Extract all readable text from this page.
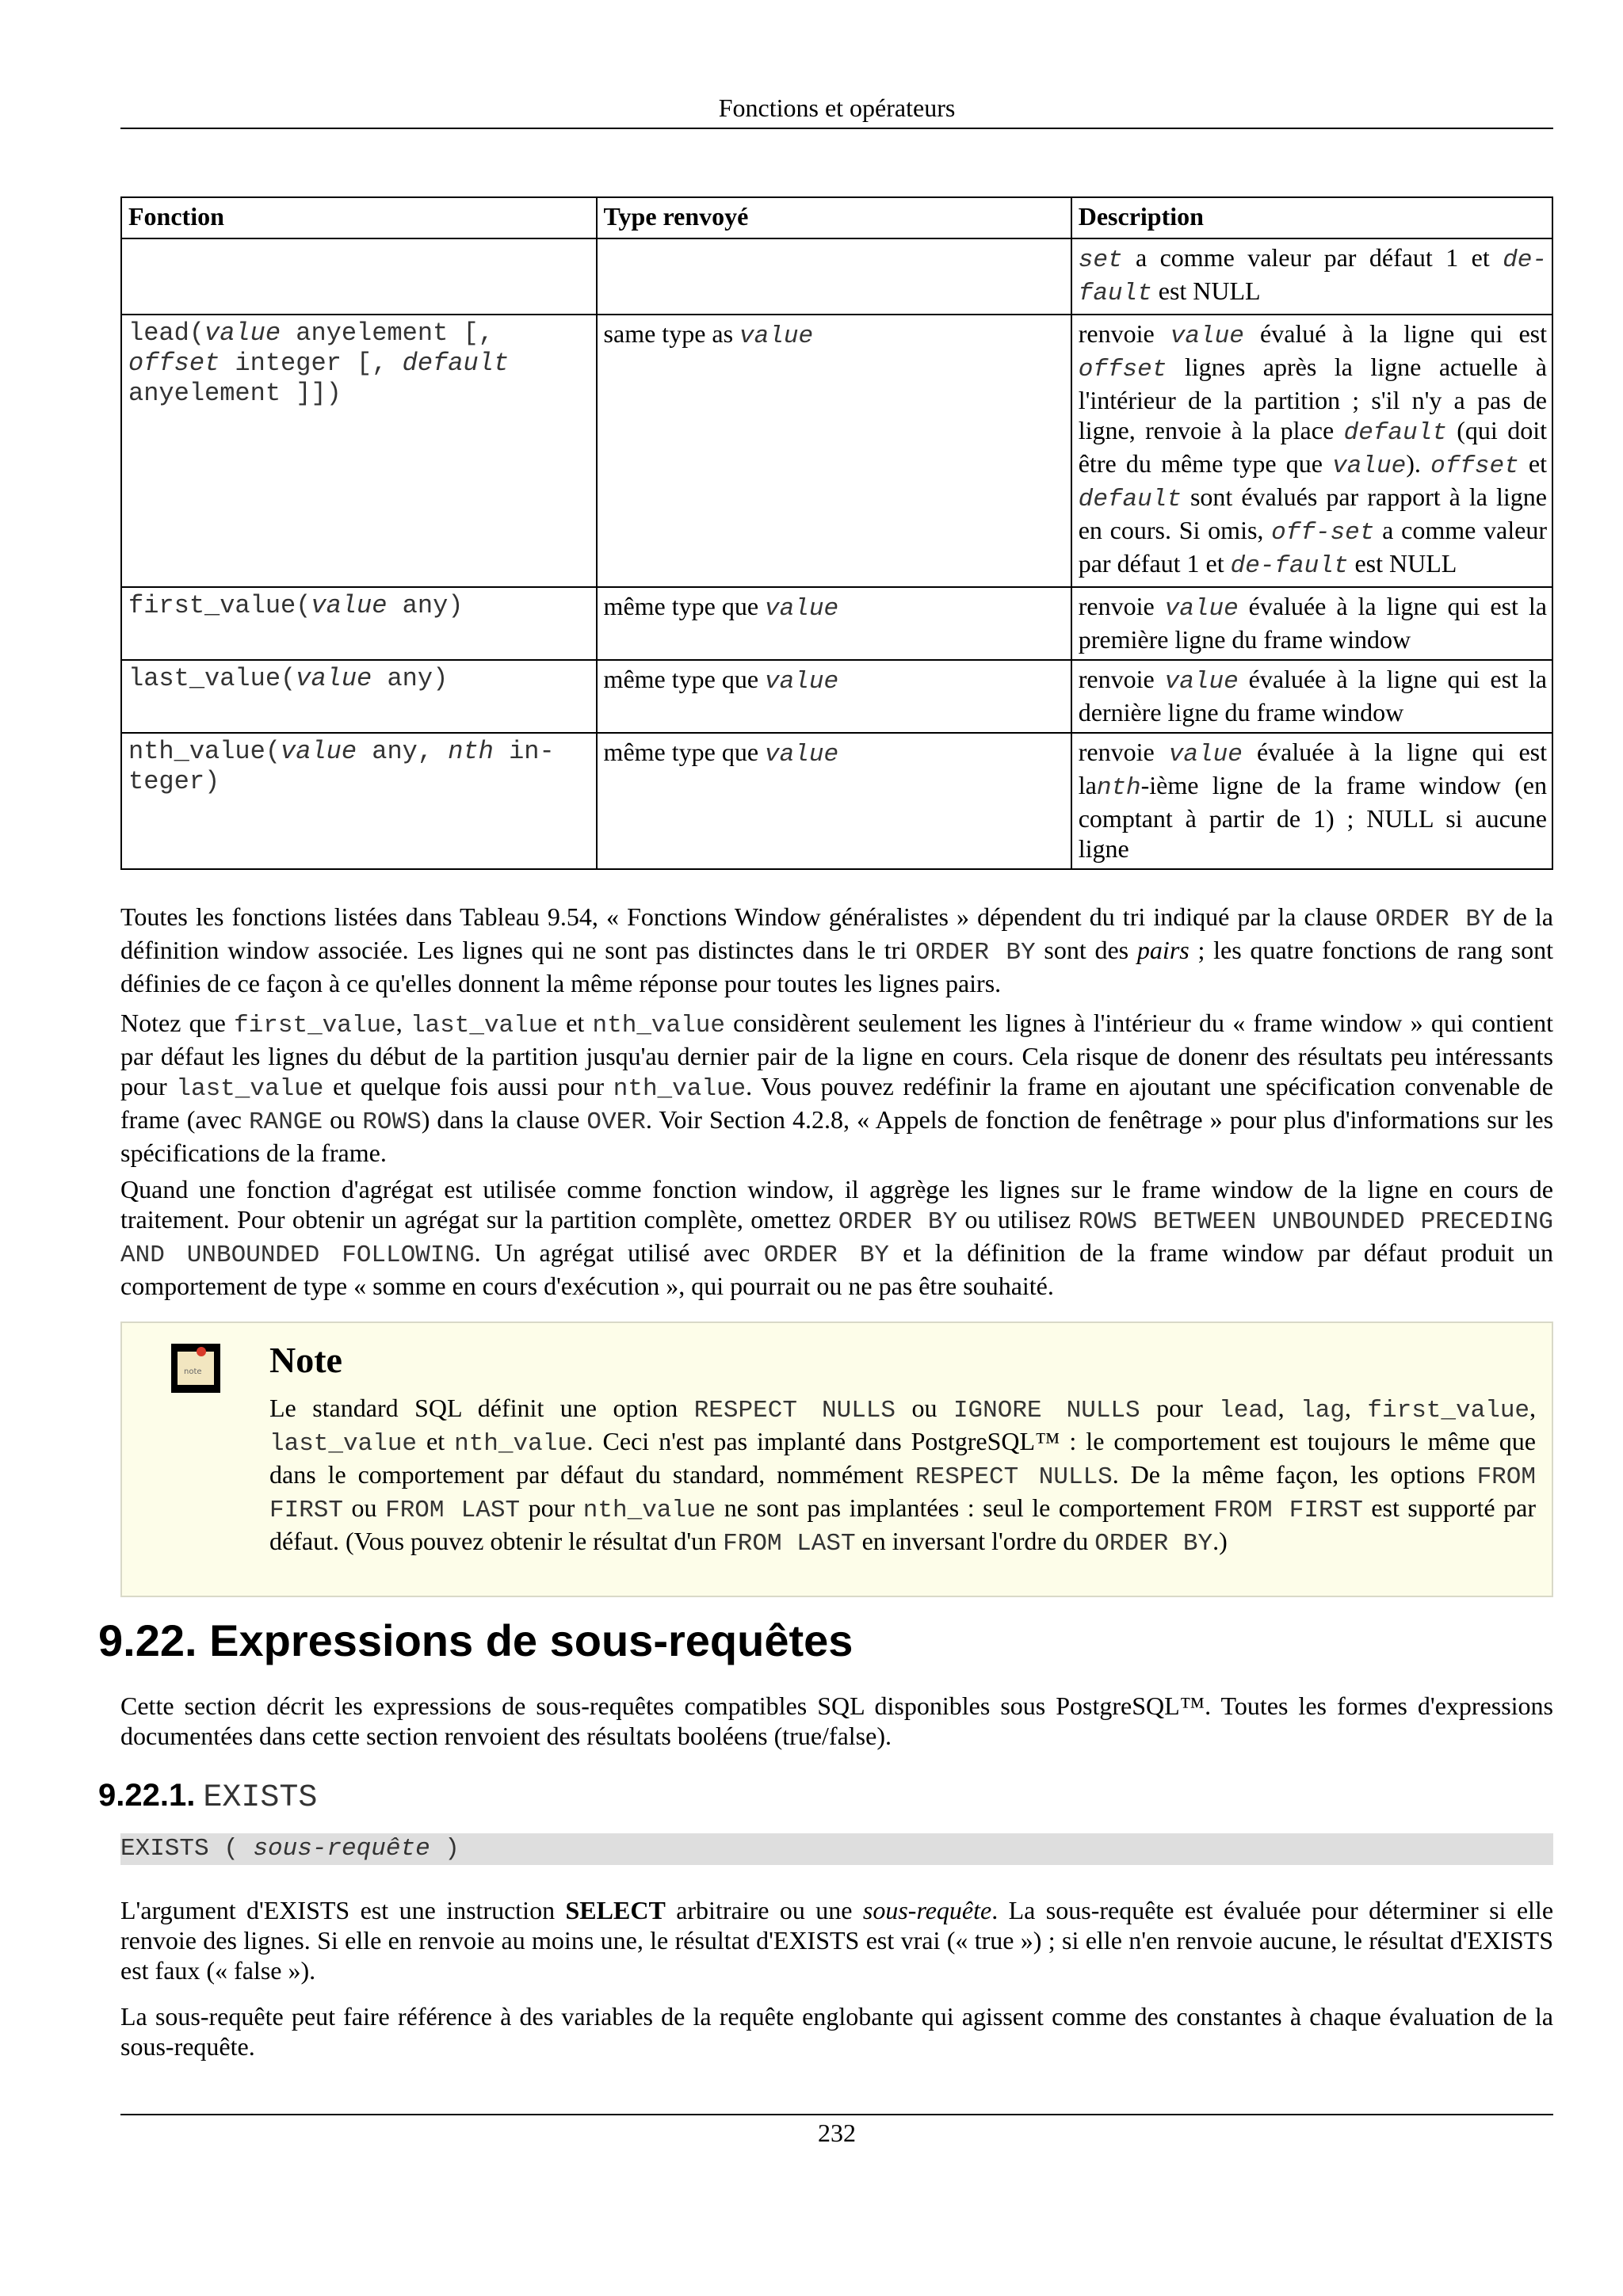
Fonctions et opérateurs
Fonction	Type renvoyé	Description
		set a comme valeur par défaut 1 et de-fault est NULL
lead(value anyelement [, offset integer [, default anyelement ]])	same type as value	renvoie value évalué à la ligne qui est offset lignes après la ligne actuelle à l'intérieur de la partition ; s'il n'y a pas de ligne, renvoie à la place default (qui doit être du même type que value). offset et default sont évalués par rapport à la ligne en cours. Si omis, off-set a comme valeur par défaut 1 et de-fault est NULL
first_value(value any)	même type que value	renvoie value évaluée à la ligne qui est la première ligne du frame window
last_value(value any)	même type que value	renvoie value évaluée à la ligne qui est la dernière ligne du frame window
nth_value(value any, nth in-teger)	même type que value	renvoie value évaluée à la ligne qui est lanth-ième ligne de la frame window (en comptant à partir de 1) ; NULL si aucune ligne
Toutes les fonctions listées dans Tableau 9.54, « Fonctions Window généralistes » dépendent du tri indiqué par la clause ORDER BY de la définition window associée. Les lignes qui ne sont pas distinctes dans le tri ORDER BY sont des pairs ; les quatre fonctions de rang sont définies de ce façon à ce qu'elles donnent la même réponse pour toutes les lignes pairs.
Notez que first_value, last_value et nth_value considèrent seulement les lignes à l'intérieur du « frame window » qui contient par défaut les lignes du début de la partition jusqu'au dernier pair de la ligne en cours. Cela risque de donenr des résultats peu intéressants pour last_value et quelque fois aussi pour nth_value. Vous pouvez redéfinir la frame en ajoutant une spécification convenable de frame (avec RANGE ou ROWS) dans la clause OVER. Voir Section 4.2.8, « Appels de fonction de fenêtrage » pour plus d'informations sur les spécifications de la frame.
Quand une fonction d'agrégat est utilisée comme fonction window, il aggrège les lignes sur le frame window de la ligne en cours de traitement. Pour obtenir un agrégat sur la partition complète, omettez ORDER BY ou utilisez ROWS BETWEEN UNBOUNDED PRECEDING AND UNBOUNDED FOLLOWING. Un agrégat utilisé avec ORDER BY et la définition de la frame window par défaut produit un comportement de type « somme en cours d'exécution », qui pourrait ou ne pas être souhaité.
note Note
Le standard SQL définit une option RESPECT NULLS ou IGNORE NULLS pour lead, lag, first_value, last_value et nth_value. Ceci n'est pas implanté dans PostgreSQL™ : le comportement est toujours le même que dans le comportement par défaut du standard, nommément RESPECT NULLS. De la même façon, les options FROM FIRST ou FROM LAST pour nth_value ne sont pas implantées : seul le comportement FROM FIRST est supporté par défaut. (Vous pouvez obtenir le résultat d'un FROM LAST en inversant l'ordre du ORDER BY.)
9.22. Expressions de sous-requêtes
Cette section décrit les expressions de sous-requêtes compatibles SQL disponibles sous PostgreSQL™. Toutes les formes d'expressions documentées dans cette section renvoient des résultats booléens (true/false).
9.22.1. EXISTS
EXISTS ( sous-requête )
L'argument d'EXISTS est une instruction SELECT arbitraire ou une sous-requête. La sous-requête est évaluée pour déterminer si elle renvoie des lignes. Si elle en renvoie au moins une, le résultat d'EXISTS est vrai (« true ») ; si elle n'en renvoie aucune, le résultat d'EXISTS est faux (« false »).
La sous-requête peut faire référence à des variables de la requête englobante qui agissent comme des constantes à chaque évaluation de la sous-requête.
232
